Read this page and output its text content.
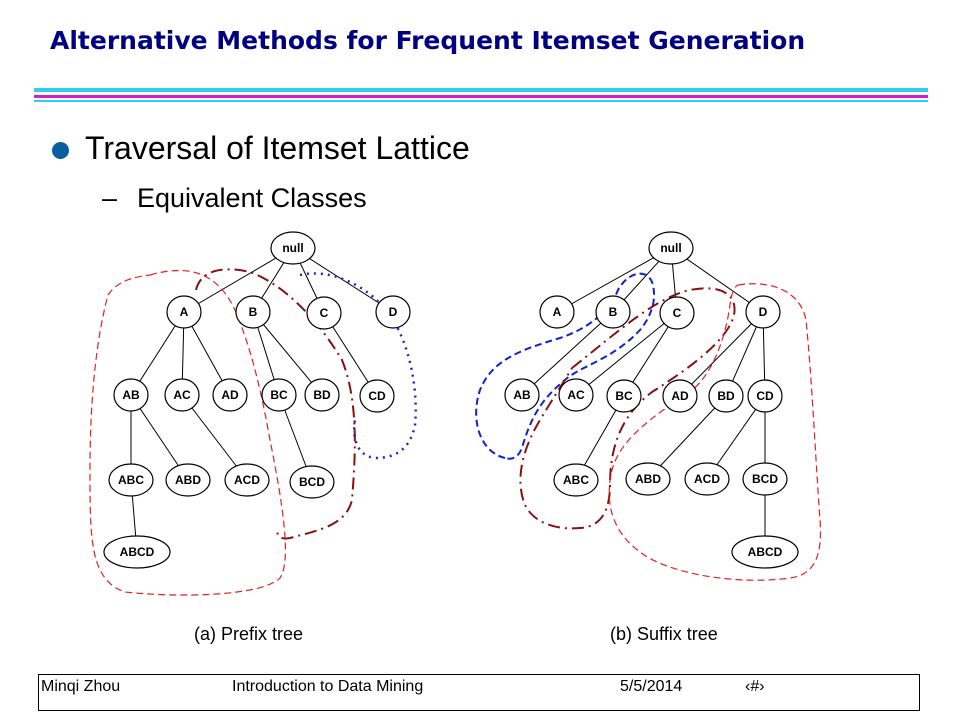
Alternative Methods for Frequent Itemset Generation
Traversal of Itemset Lattice
– Equivalent Classes
null
A	B	C	D
AB	AC	AD	BC BD	CD
ABC	ABD	ACD	BCD
ABCD
null
A	B	C	D
AB	AC	BC	AD BD CD
ABC	ABD	ACD	BCD
ABCD
(a) Prefix tree	(b) Suffix tree
Minqi Zhou	Introduction to Data Mining	5/5/2014	‹#›
